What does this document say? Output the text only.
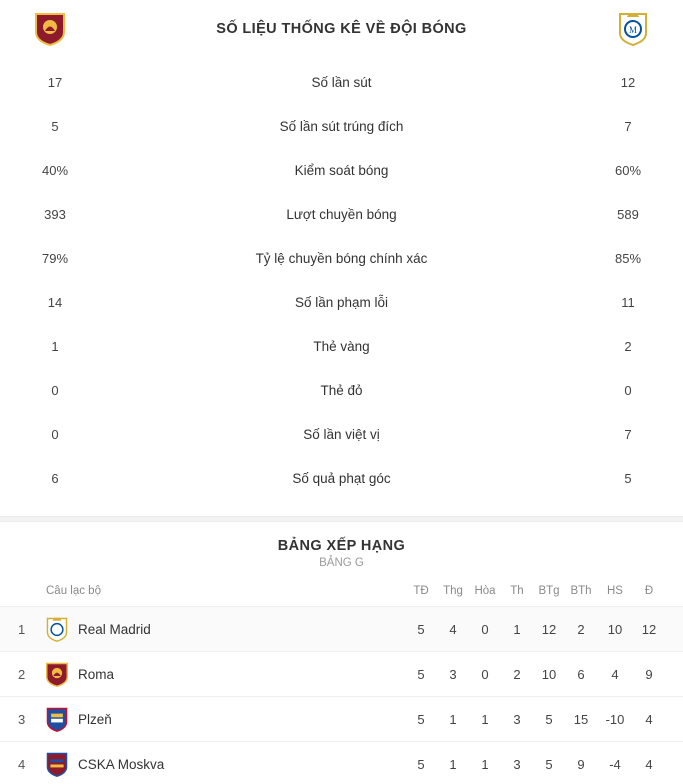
SỐ LIỆU THỐNG KÊ VỀ ĐỘI BÓNG	M
17	Số lần sút	12
5	Số lần sút trúng đích	7
40%	Kiểm soát bóng	60%
393	Lượt chuyền bóng	589
79%	Tỷ lệ chuyền bóng chính xác	85%
14	Số lần phạm lỗi	11
1	Thẻ vàng	2
0	Thẻ đỏ	0
0	Số lần việt vị	7
6	Số quả phạt góc	5
BẢNG XẾP HẠNG
BẢNG G
Câu lạc bộ	TĐ	Thg	Hòa	Th	BTg BTh	HS	Đ
1	Real Madrid	5	4	0	1	12	2	10	12
2	Roma	5	3	0	2	10	6	4	9
3	Plzeň	5	1	1	3	5	15	-10	4
4	CSKA Moskva	5	1	1	3	5	9	-4	4
